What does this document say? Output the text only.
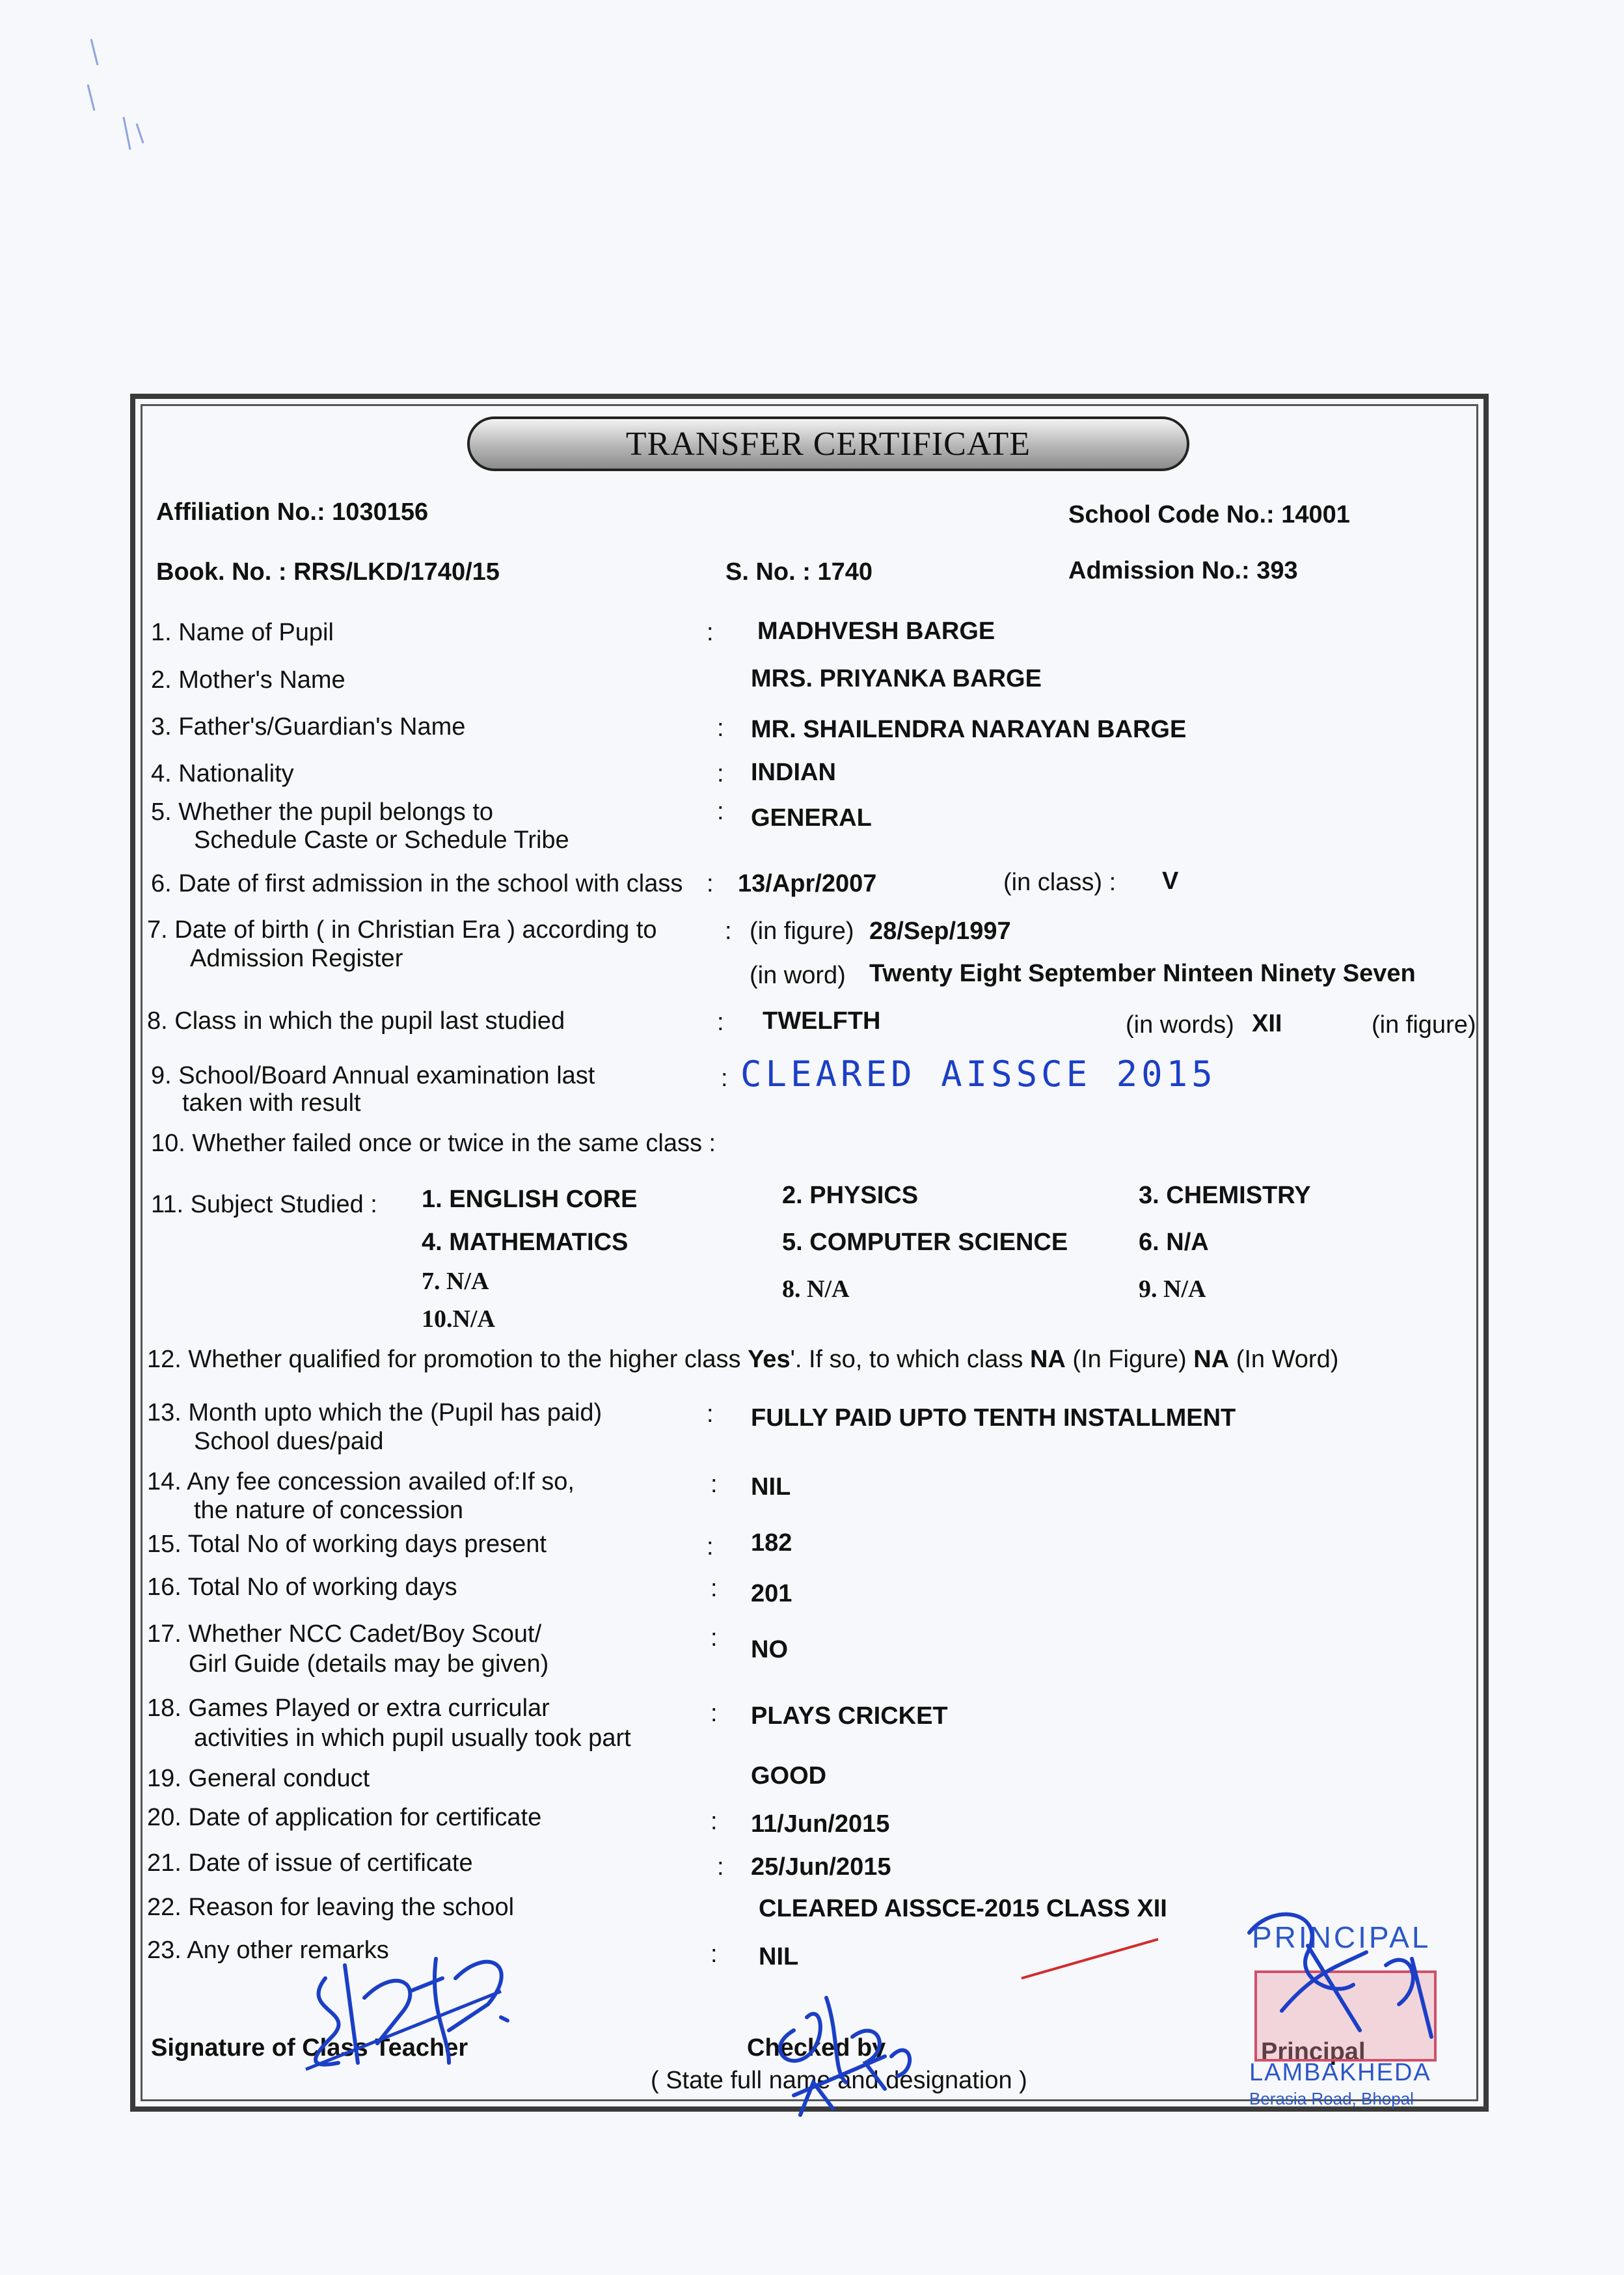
TRANSFER CERTIFICATE
Affiliation No.: 1030156	School Code No.: 14001
Book. No. : RRS/LKD/1740/15	S. No. : 1740	Admission No.: 393
1. Name of Pupil	: MADHVESH BARGE
2. Mother's Name	MRS. PRIYANKA BARGE
3. Father's/Guardian's Name	: MR. SHAILENDRA NARAYAN BARGE
4. Nationality	: INDIAN
5. Whether the pupil belongs to
Schedule Caste or Schedule Tribe
: GENERAL
6. Date of first admission in the school with class : 13/Apr/2007	(in class) : V
7. Date of birth ( in Christian Era ) according to
Admission Register
: (in figure) 28/Sep/1997
(in word) Twenty Eight September Ninteen Ninety Seven
8. Class in which the pupil last studied	: TWELFTH	(in words) XII	(in figure)
9. School/Board Annual examination last
taken with result
: CLEARED AISSCE 2015
10. Whether failed once or twice in the same class :
11. Subject Studied : 1. ENGLISH CORE	2. PHYSICS	3. CHEMISTRY
4. MATHEMATICS	5. COMPUTER SCIENCE	6. N/A
7. N/A	8. N/A	9. N/A
10.N/A
12. Whether qualified for promotion to the higher class Yes'. If so, to which class NA (In Figure) NA (In Word)
13. Month upto which the (Pupil has paid)
School dues/paid
: FULLY PAID UPTO TENTH INSTALLMENT
14. Any fee concession availed of:If so,
the nature of concession
: NIL
15. Total No of working days present	: 182
16. Total No of working days	: 201
17. Whether NCC Cadet/Boy Scout/
Girl Guide (details may be given)
: NO
18. Games Played or extra curricular
activities in which pupil usually took part
: PLAYS CRICKET
19. General conduct	GOOD
20. Date of application for certificate	: 11/Jun/2015
21. Date of issue of certificate	: 25/Jun/2015
22. Reason for leaving the school	CLEARED AISSCE-2015 CLASS XII
23. Any other remarks	: NIL
Signature of Class Teacher	Checked by
( State full name and designation )
Principal
PRINCIPAL
LAMBAKHEDA
Berasia Road, Bhopal
